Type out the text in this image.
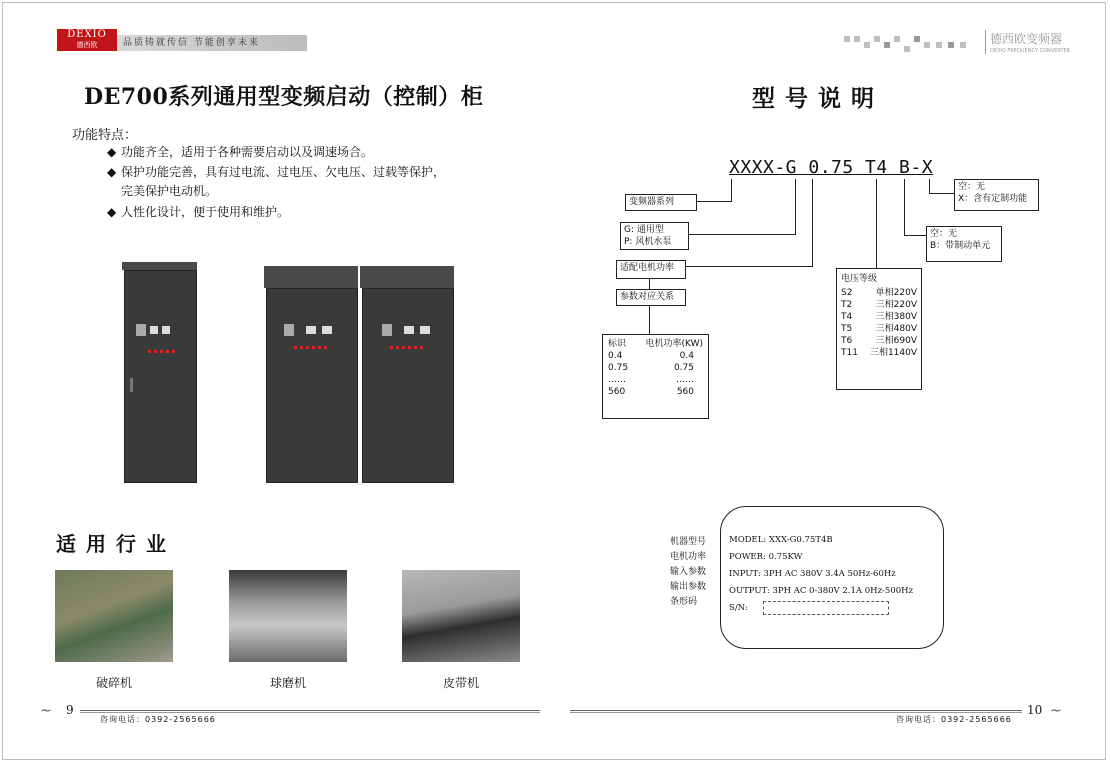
DEXIO
德西欧	品质铸就传信 节能创享未来	德西欧变频器
DEXIO FREQUENCY CONVERTER
DE700系列通用型变频启动（控制）柜
功能特点：
◆ 功能齐全，适用于各种需要启动以及调速场合。
◆ 保护功能完善，具有过电流、过电压、欠电压、过载等保护，
完美保护电动机。
◆ 人性化设计，便于使用和维护。
适用行业
破碎机	球磨机	皮带机
型号说明
XXXX-G 0.75 T4 B-X
变频器系列
G: 通用型
P: 风机水泵
适配电机功率
参数对应关系
标识 电机功率(KW)
0.4	0.4
0.75	0.75
……	……
560	560
空：无
X：含有定制功能
空：无
B：带制动单元
电压等级
S2	单相220V
T2	三相220V
T4	三相380V
T5	三相480V
T6	三相690V
T11 三相1140V
机器型号
电机功率
输入参数
输出参数
条形码
MODEL: XXX-G0.75T4B
POWER: 0.75KW
INPUT: 3PH AC 380V 3.4A 50Hz-60Hz
OUTPUT: 3PH AC 0-380V 2.1A 0Hz-500Hz
S/N:
~ 9
咨询电话：0392-2565666	咨询电话：0392-2565666
10 ~
